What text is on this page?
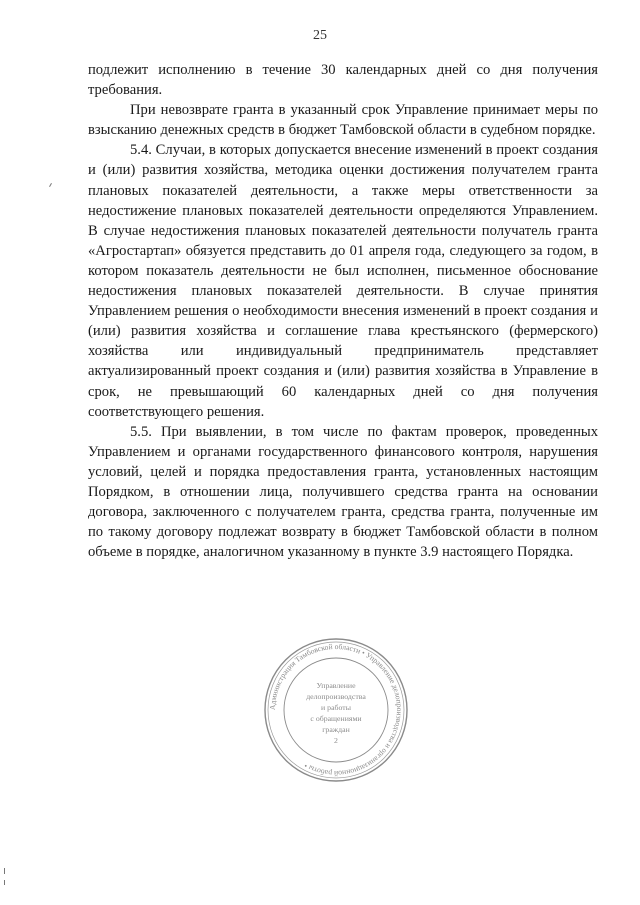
25

подлежит исполнению в течение 30 календарных дней со дня получения требования.

При невозврате гранта в указанный срок Управление принимает меры по взысканию денежных средств в бюджет Тамбовской области в судебном порядке.

5.4. Случаи, в которых допускается внесение изменений в проект создания и (или) развития хозяйства, методика оценки достижения получателем гранта плановых показателей деятельности, а также меры ответственности за недостижение плановых показателей деятельности определяются Управлением. В случае недостижения плановых показателей деятельности получатель гранта «Агростартап» обязуется представить до 01 апреля года, следующего за годом, в котором показатель деятельности не был исполнен, письменное обоснование недостижения плановых показателей деятельности. В случае принятия Управлением решения о необходимости внесения изменений в проект создания и (или) развития хозяйства и соглашение глава крестьянского (фермерского) хозяйства или индивидуальный предприниматель представляет актуализированный проект создания и (или) развития хозяйства в Управление в срок, не превышающий 60 календарных дней со дня получения соответствующего решения.

5.5. При выявлении, в том числе по фактам проверок, проведенных Управлением и органами государственного финансового контроля, нарушения условий, целей и порядка предоставления гранта, установленных настоящим Порядком, в отношении лица, получившего средства гранта на основании договора, заключенного с получателем гранта, средства гранта, полученные им по такому договору подлежат возврату в бюджет Тамбовской области в полном объеме в порядке, аналогичном указанному в пункте 3.9 настоящего Порядка.

Администрация Тамбовской области • Управление делопроизводства и организационной работы •
Управление
делопроизводства
и работы
с обращениями
граждан
2
